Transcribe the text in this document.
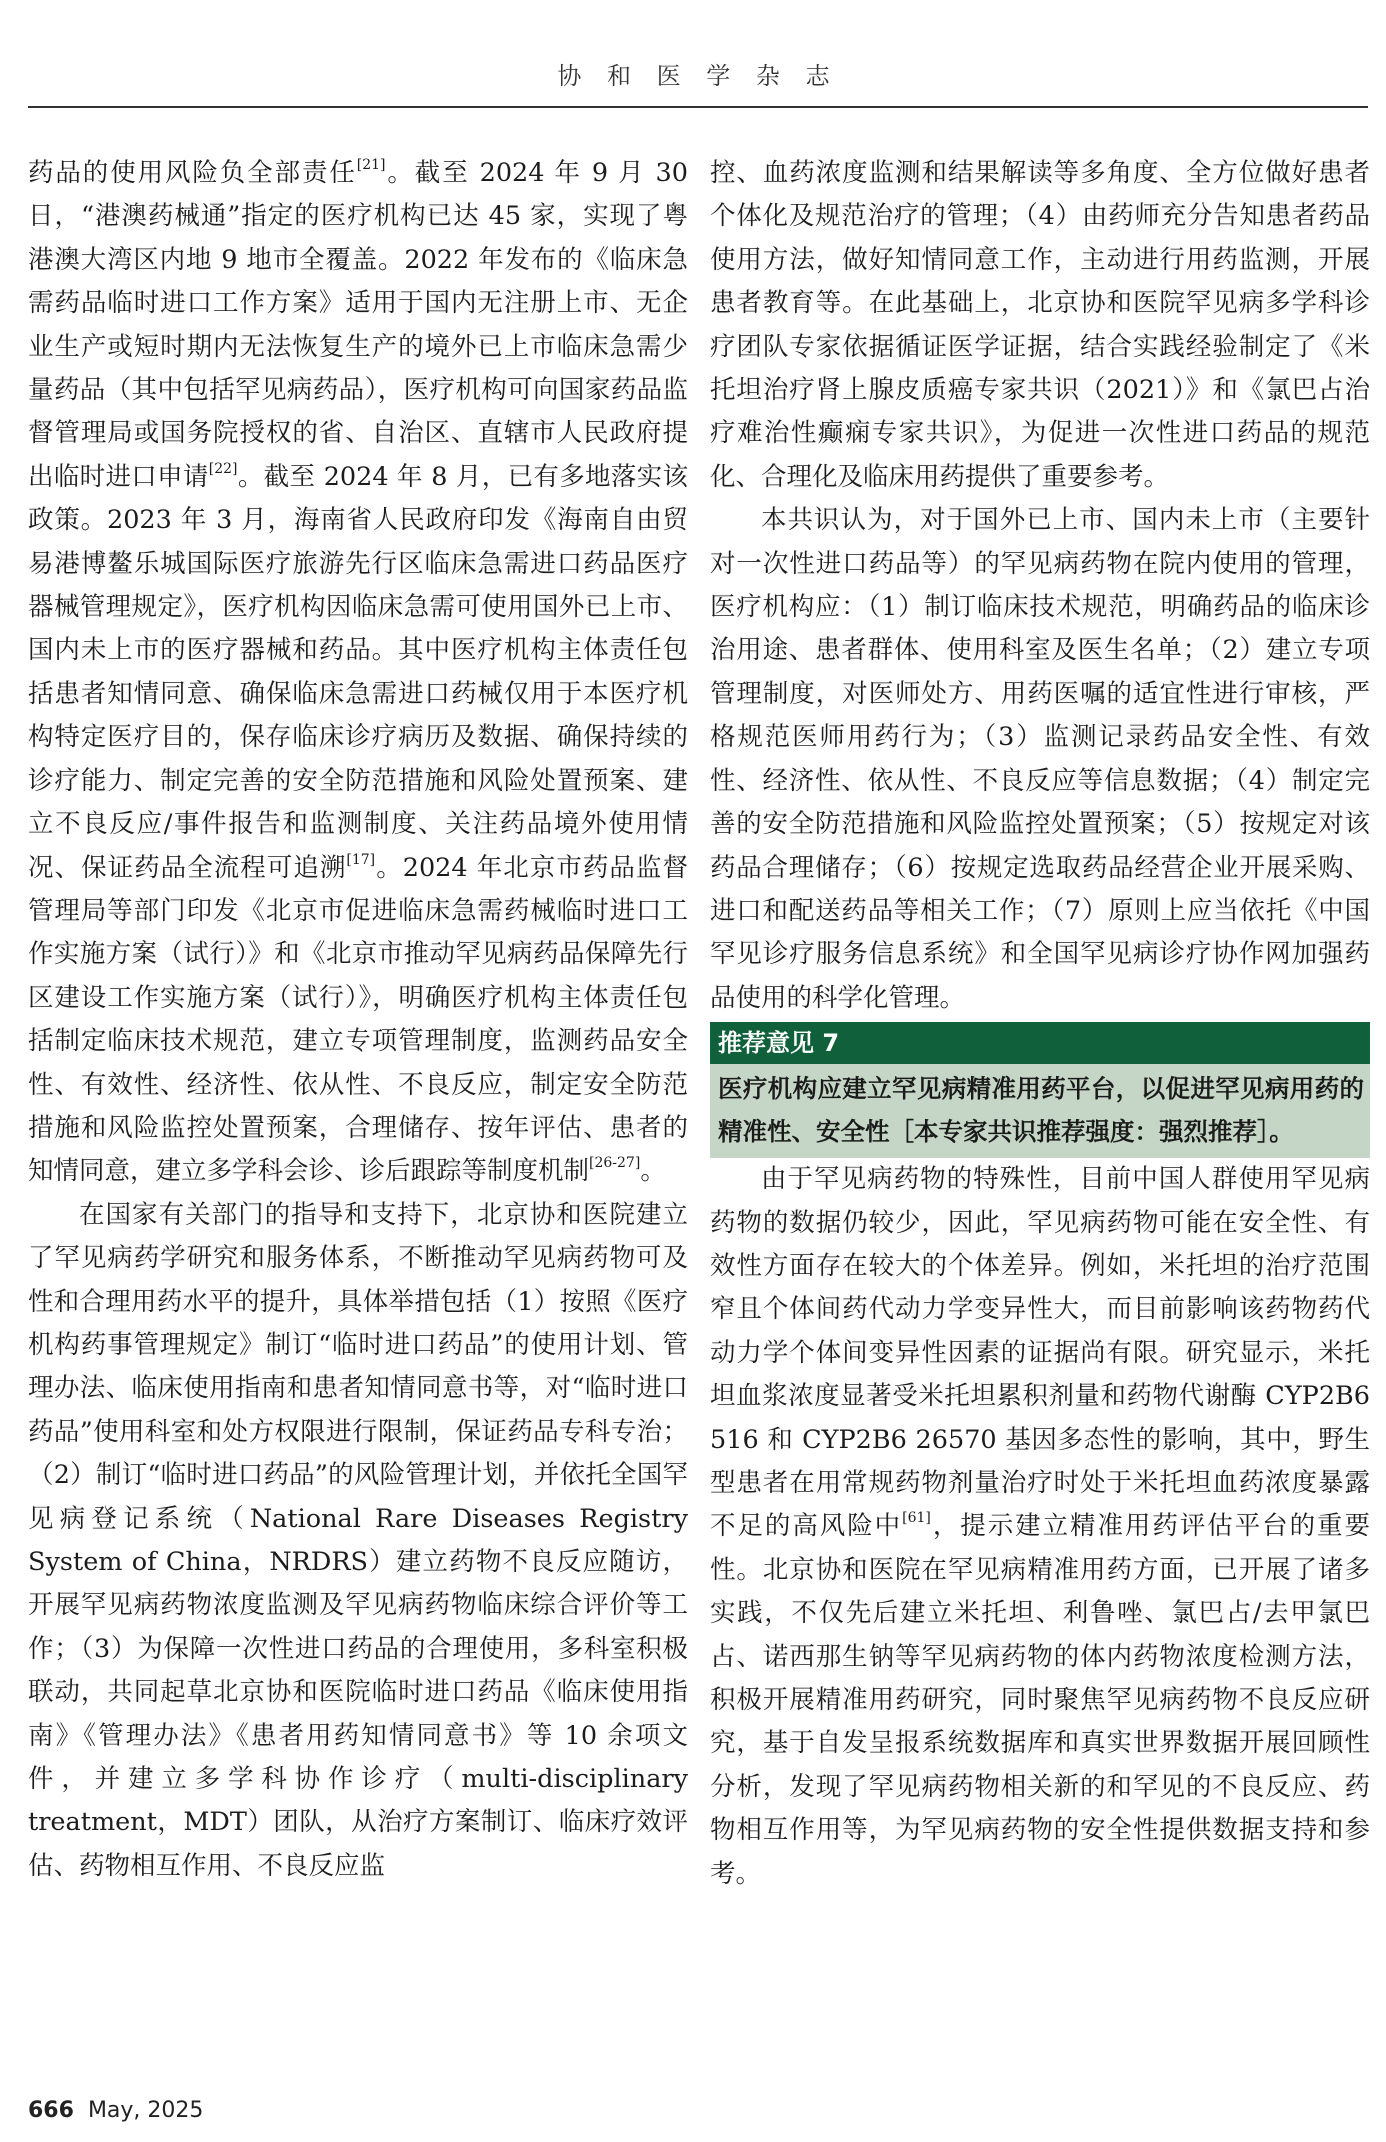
协 和 医 学 杂 志

药品的使用风险负全部责任[21]。截至 2024 年 9 月 30 日，“港澳药械通”指定的医疗机构已达 45 家，实现了粤港澳大湾区内地 9 地市全覆盖。2022 年发布的《临床急需药品临时进口工作方案》适用于国内无注册上市、无企业生产或短时期内无法恢复生产的境外已上市临床急需少量药品（其中包括罕见病药品），医疗机构可向国家药品监督管理局或国务院授权的省、自治区、直辖市人民政府提出临时进口申请[22]。截至 2024 年 8 月，已有多地落实该政策。2023 年 3 月，海南省人民政府印发《海南自由贸易港博鳌乐城国际医疗旅游先行区临床急需进口药品医疗器械管理规定》，医疗机构因临床急需可使用国外已上市、国内未上市的医疗器械和药品。其中医疗机构主体责任包括患者知情同意、确保临床急需进口药械仅用于本医疗机构特定医疗目的，保存临床诊疗病历及数据、确保持续的诊疗能力、制定完善的安全防范措施和风险处置预案、建立不良反应/事件报告和监测制度、关注药品境外使用情况、保证药品全流程可追溯[17]。2024 年北京市药品监督管理局等部门印发《北京市促进临床急需药械临时进口工作实施方案（试行）》和《北京市推动罕见病药品保障先行区建设工作实施方案（试行）》，明确医疗机构主体责任包括制定临床技术规范，建立专项管理制度，监测药品安全性、有效性、经济性、依从性、不良反应，制定安全防范措施和风险监控处置预案，合理储存、按年评估、患者的知情同意，建立多学科会诊、诊后跟踪等制度机制[26-27]。

在国家有关部门的指导和支持下，北京协和医院建立了罕见病药学研究和服务体系，不断推动罕见病药物可及性和合理用药水平的提升，具体举措包括（1）按照《医疗机构药事管理规定》制订“临时进口药品”的使用计划、管理办法、临床使用指南和患者知情同意书等，对“临时进口药品”使用科室和处方权限进行限制，保证药品专科专治；（2）制订“临时进口药品”的风险管理计划，并依托全国罕见病登记系统（National Rare Diseases Registry System of China，NRDRS）建立药物不良反应随访，开展罕见病药物浓度监测及罕见病药物临床综合评价等工作；（3）为保障一次性进口药品的合理使用，多科室积极联动，共同起草北京协和医院临时进口药品《临床使用指南》《管理办法》《患者用药知情同意书》等 10 余项文件，并建立多学科协作诊疗（multi-disciplinary treatment，MDT）团队，从治疗方案制订、临床疗效评估、药物相互作用、不良反应监

控、血药浓度监测和结果解读等多角度、全方位做好患者个体化及规范治疗的管理；（4）由药师充分告知患者药品使用方法，做好知情同意工作，主动进行用药监测，开展患者教育等。在此基础上，北京协和医院罕见病多学科诊疗团队专家依据循证医学证据，结合实践经验制定了《米托坦治疗肾上腺皮质癌专家共识（2021）》和《氯巴占治疗难治性癫痫专家共识》，为促进一次性进口药品的规范化、合理化及临床用药提供了重要参考。

本共识认为，对于国外已上市、国内未上市（主要针对一次性进口药品等）的罕见病药物在院内使用的管理，医疗机构应：（1）制订临床技术规范，明确药品的临床诊治用途、患者群体、使用科室及医生名单；（2）建立专项管理制度，对医师处方、用药医嘱的适宜性进行审核，严格规范医师用药行为；（3）监测记录药品安全性、有效性、经济性、依从性、不良反应等信息数据；（4）制定完善的安全防范措施和风险监控处置预案；（5）按规定对该药品合理储存；（6）按规定选取药品经营企业开展采购、进口和配送药品等相关工作；（7）原则上应当依托《中国罕见诊疗服务信息系统》和全国罕见病诊疗协作网加强药品使用的科学化管理。

推荐意见 7
医疗机构应建立罕见病精准用药平台，以促进罕见病用药的精准性、安全性［本专家共识推荐强度：强烈推荐］。

由于罕见病药物的特殊性，目前中国人群使用罕见病药物的数据仍较少，因此，罕见病药物可能在安全性、有效性方面存在较大的个体差异。例如，米托坦的治疗范围窄且个体间药代动力学变异性大，而目前影响该药物药代动力学个体间变异性因素的证据尚有限。研究显示，米托坦血浆浓度显著受米托坦累积剂量和药物代谢酶 CYP2B6 516 和 CYP2B6 26570 基因多态性的影响，其中，野生型患者在用常规药物剂量治疗时处于米托坦血药浓度暴露不足的高风险中[61]，提示建立精准用药评估平台的重要性。北京协和医院在罕见病精准用药方面，已开展了诸多实践，不仅先后建立米托坦、利鲁唑、氯巴占/去甲氯巴占、诺西那生钠等罕见病药物的体内药物浓度检测方法，积极开展精准用药研究，同时聚焦罕见病药物不良反应研究，基于自发呈报系统数据库和真实世界数据开展回顾性分析，发现了罕见病药物相关新的和罕见的不良反应、药物相互作用等，为罕见病药物的安全性提供数据支持和参考。

666 May, 2025
